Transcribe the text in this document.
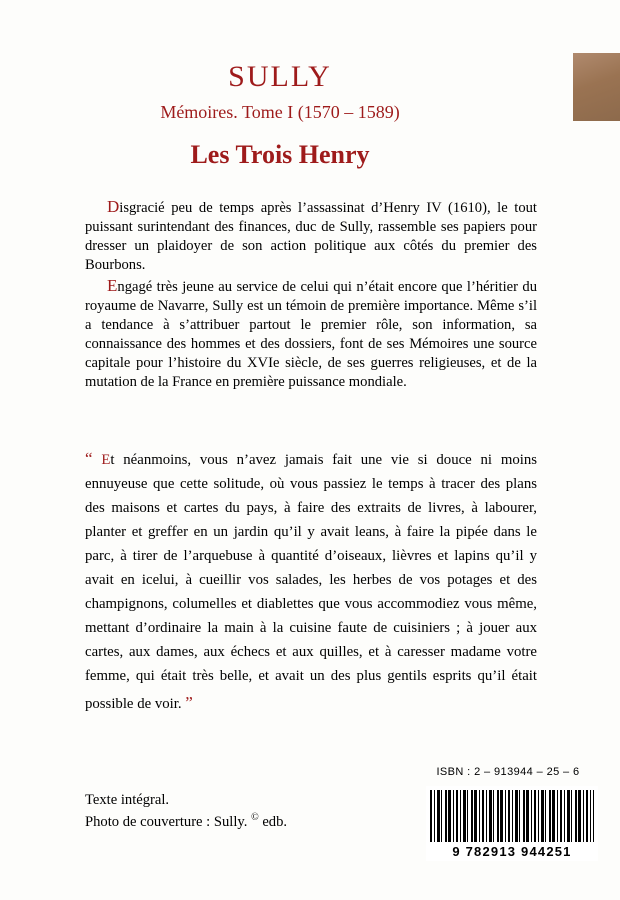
SULLY
Mémoires. Tome I (1570 – 1589)
Les Trois Henry

Disgracié peu de temps après l’assassinat d’Henry IV (1610), le tout puissant surintendant des finances, duc de Sully, rassemble ses papiers pour dresser un plaidoyer de son action politique aux côtés du premier des Bourbons.

Engagé très jeune au service de celui qui n’était encore que l’héritier du royaume de Navarre, Sully est un témoin de première importance. Même s’il a tendance à s’attribuer partout le premier rôle, son information, sa connaissance des hommes et des dossiers, font de ses Mémoires une source capitale pour l’histoire du XVIe siècle, de ses guerres religieuses, et de la mutation de la France en première puissance mondiale.

“ Et néanmoins, vous n’avez jamais fait une vie si douce ni moins ennuyeuse que cette solitude, où vous passiez le temps à tracer des plans des maisons et cartes du pays, à faire des extraits de livres, à labourer, planter et greffer en un jardin qu’il y avait leans, à faire la pipée dans le parc, à tirer de l’arquebuse à quantité d’oiseaux, lièvres et lapins qu’il y avait en icelui, à cueillir vos salades, les herbes de vos potages et des champignons, columelles et diablettes que vous accommodiez vous même, mettant d’ordinaire la main à la cuisine faute de cuisiniers ; à jouer aux cartes, aux dames, aux échecs et aux quilles, et à caresser madame votre femme, qui était très belle, et avait un des plus gentils esprits qu’il était possible de voir. ”

Texte intégral.
Photo de couverture : Sully. © edb.
ISBN : 2 – 913944 – 25 – 6
9 782913 944251
